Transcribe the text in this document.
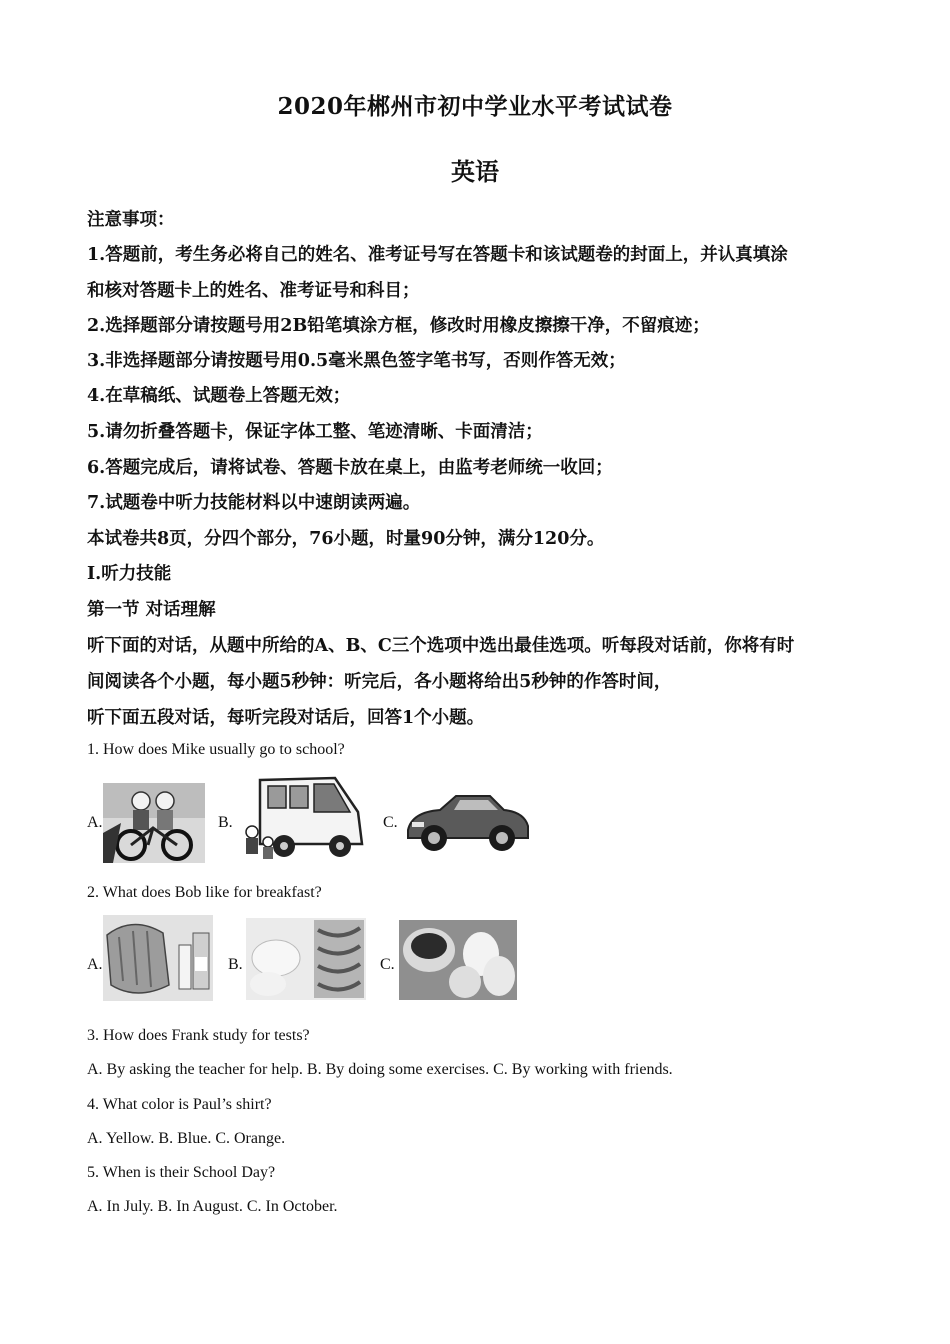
2020年郴州市初中学业水平考试试卷
英语
注意事项：
1.答题前，考生务必将自己的姓名、准考证号写在答题卡和该试题卷的封面上，并认真填涂
和核对答题卡上的姓名、准考证号和科目；
2.选择题部分请按题号用2B铅笔填涂方框，修改时用橡皮擦擦干净，不留痕迹；
3.非选择题部分请按题号用0.5毫米黑色签字笔书写，否则作答无效；
4.在草稿纸、试题卷上答题无效；
5.请勿折叠答题卡，保证字体工整、笔迹清晰、卡面清洁；
6.答题完成后，请将试卷、答题卡放在桌上，由监考老师统一收回；
7.试题卷中听力技能材料以中速朗读两遍。
本试卷共8页，分四个部分，76小题，时量90分钟，满分120分。
Ⅰ.听力技能
第一节 对话理解
听下面的对话，从题中所给的A、B、C三个选项中选出最佳选项。听每段对话前，你将有时
间阅读各个小题，每小题5秒钟：听完后，各小题将给出5秒钟的作答时间，
听下面五段对话，每听完段对话后，回答1个小题。
1. How does Mike usually go to school?
A.	B.	C.
2. What does Bob like for breakfast?
A.	B.	C.
3. How does Frank study for tests?
A. By asking the teacher for help. B. By doing some exercises. C. By working with friends.
4. What color is Paul’s shirt?
A. Yellow. B. Blue. C. Orange.
5. When is their School Day?
A. In July. B. In August. C. In October.
